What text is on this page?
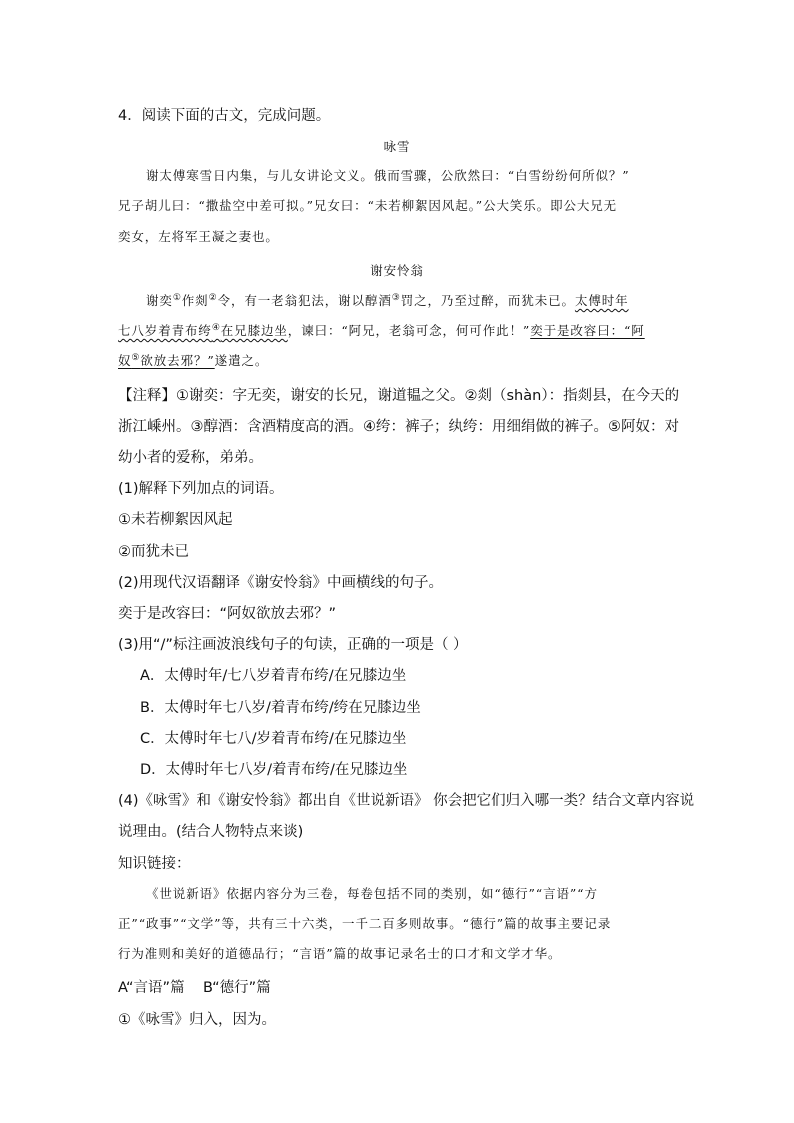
4．阅读下面的古文，完成问题。
咏雪
谢太傅寒雪日内集，与儿女讲论文义。俄而雪骤，公欣然曰：“白雪纷纷何所似？”
兄子胡儿曰：“撒盐空中差可拟。”兄女曰：“未若柳絮因风起。”公大笑乐。即公大兄无
奕女，左将军王凝之妻也。
谢安怜翁
谢奕①作剡②令，有一老翁犯法，谢以醇酒③罚之，乃至过醉，而犹未已。太傅时年
七八岁着青布绔④在兄膝边坐，谏曰：“阿兄，老翁可念，何可作此！”奕于是改容曰：“阿
奴⑤欲放去邪？”遂遣之。
【注释】①谢奕：字无奕，谢安的长兄，谢道韫之父。②剡（shàn）：指剡县，在今天的
浙江嵊州。③醇酒：含酒精度高的酒。④绔：裤子；纨绔：用细绢做的裤子。⑤阿奴：对
幼小者的爱称，弟弟。
(1)解释下列加点的词语。
①未若柳絮因风起
②而犹未已
(2)用现代汉语翻译《谢安怜翁》中画横线的句子。
奕于是改容曰：“阿奴欲放去邪？”
(3)用“/”标注画波浪线句子的句读，正确的一项是（ ）
A．太傅时年/七八岁着青布绔/在兄膝边坐
B．太傅时年七八岁/着青布绔/绔在兄膝边坐
C．太傅时年七八/岁着青布绔/在兄膝边坐
D．太傅时年七八岁/着青布绔/在兄膝边坐
(4)《咏雪》和《谢安怜翁》都出自《世说新语》 你会把它们归入哪一类？结合文章内容说
说理由。(结合人物特点来谈)
知识链接：
《世说新语》依据内容分为三卷，每卷包括不同的类别，如“德行”“言语”“方
正”“政事”“文学”等，共有三十六类，一千二百多则故事。“德行”篇的故事主要记录
行为准则和美好的道德品行；“言语”篇的故事记录名士的口才和文学才华。
A“言语”篇    B“德行”篇
①《咏雪》归入，因为。
